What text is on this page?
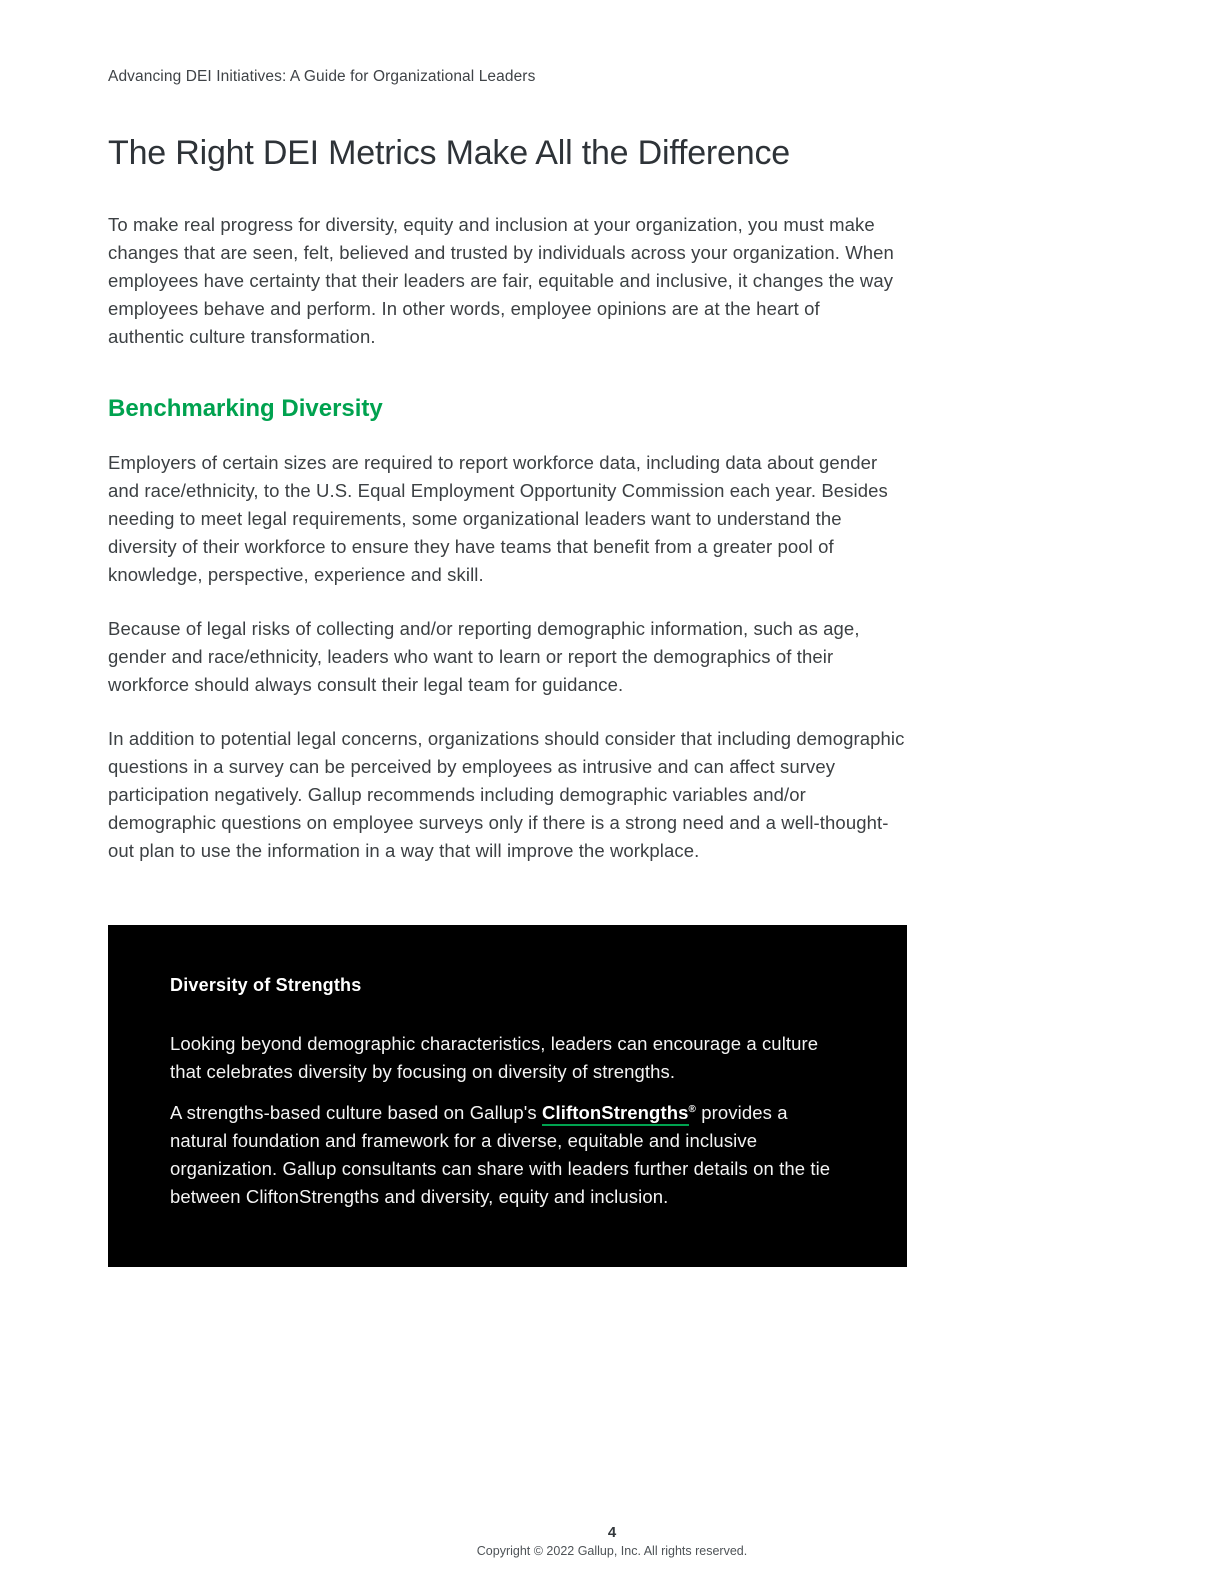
Advancing DEI Initiatives: A Guide for Organizational Leaders
The Right DEI Metrics Make All the Difference

To make real progress for diversity, equity and inclusion at your organization, you must make changes that are seen, felt, believed and trusted by individuals across your organization. When employees have certainty that their leaders are fair, equitable and inclusive, it changes the way employees behave and perform. In other words, employee opinions are at the heart of authentic culture transformation.

Benchmarking Diversity

Employers of certain sizes are required to report workforce data, including data about gender and race/ethnicity, to the U.S. Equal Employment Opportunity Commission each year. Besides needing to meet legal requirements, some organizational leaders want to understand the diversity of their workforce to ensure they have teams that benefit from a greater pool of knowledge, perspective, experience and skill.

Because of legal risks of collecting and/or reporting demographic information, such as age, gender and race/ethnicity, leaders who want to learn or report the demographics of their workforce should always consult their legal team for guidance.

In addition to potential legal concerns, organizations should consider that including demographic questions in a survey can be perceived by employees as intrusive and can affect survey participation negatively. Gallup recommends including demographic variables and/or demographic questions on employee surveys only if there is a strong need and a well-thought-out plan to use the information in a way that will improve the workplace.

Diversity of Strengths

Looking beyond demographic characteristics, leaders can encourage a culture that celebrates diversity by focusing on diversity of strengths.

A strengths-based culture based on Gallup's CliftonStrengths® provides a natural foundation and framework for a diverse, equitable and inclusive organization. Gallup consultants can share with leaders further details on the tie between CliftonStrengths and diversity, equity and inclusion.

4
Copyright © 2022 Gallup, Inc. All rights reserved.
